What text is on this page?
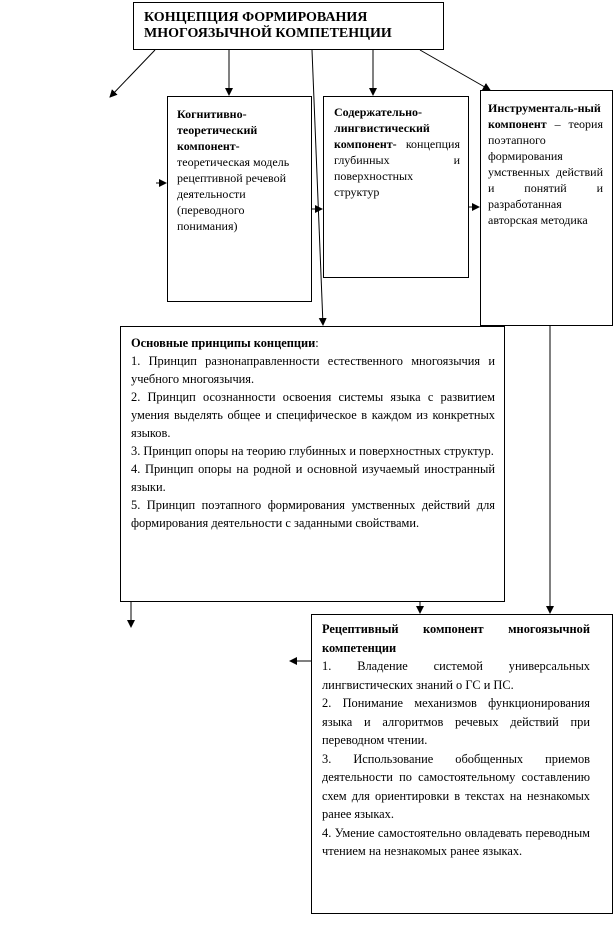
КОНЦЕПЦИЯ ФОРМИРОВАНИЯ МНОГОЯЗЫЧНОЙ КОМПЕТЕНЦИИ
Когнитивно-теоретический компонент-
теоретическая модель рецептивной речевой деятельности (переводного понимания)
Содержательно-лингвистический компонент- концепция глубинных и поверхностных структур
Инструменталь-ный компонент – теория поэтапного формирования умственных действий и понятий и разработанная авторская методика

Основные принципы концепции:

1. Принцип разнонаправленности естественного многоязычия и учебного многоязычия.

2. Принцип осознанности освоения системы языка с развитием умения выделять общее и специфическое в каждом из конкретных языков.

3. Принцип опоры на теорию глубинных и поверхностных структур.

4. Принцип опоры на родной и основной изучаемый иностранный языки.

5. Принцип поэтапного формирования умственных действий для формирования деятельности с заданными свойствами.

Рецептивный компонент многоязычной компетенции

1. Владение системой универсальных лингвистических знаний о ГС и ПС.

2. Понимание механизмов функционирования языка и алгоритмов речевых действий при переводном чтении.

3. Использование обобщенных приемов деятельности по самостоятельному составлению схем для ориентировки в текстах на незнакомых ранее языках.

4. Умение самостоятельно овладевать переводным чтением на незнакомых ранее языках.
